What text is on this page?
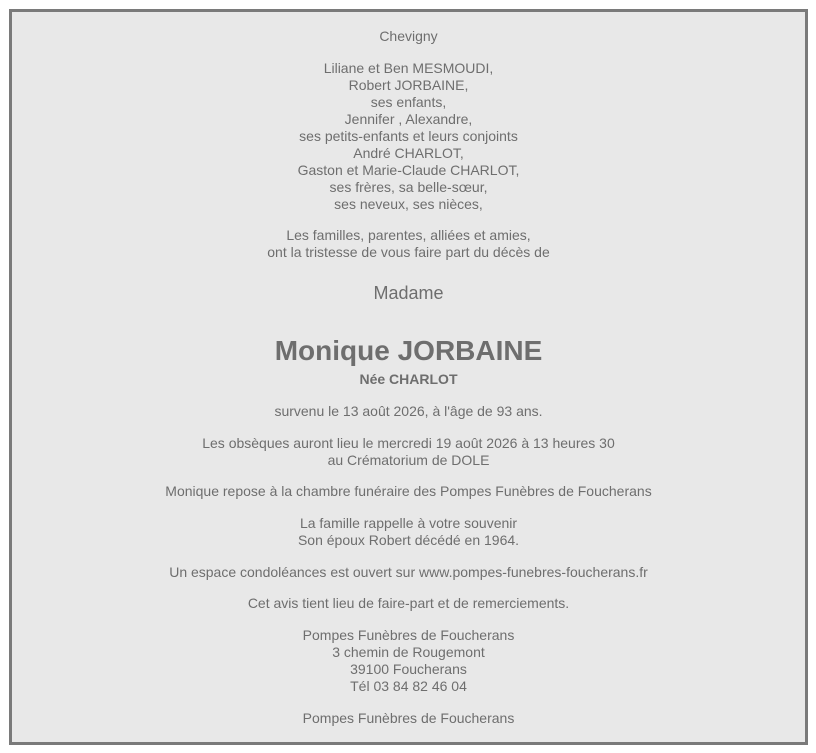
Chevigny
Liliane et Ben MESMOUDI,
Robert JORBAINE,
ses enfants,
Jennifer , Alexandre,
ses petits-enfants et leurs conjoints
André CHARLOT,
Gaston et Marie-Claude CHARLOT,
ses frères, sa belle-sœur,
ses neveux, ses nièces,
Les familles, parentes, alliées et amies,
ont la tristesse de vous faire part du décès de
Madame
Monique JORBAINE
Née CHARLOT
survenu le 13 août 2026, à l'âge de 93 ans.
Les obsèques auront lieu le mercredi 19 août 2026 à 13 heures 30
au Crématorium de DOLE
Monique repose à la chambre funéraire des Pompes Funèbres de Foucherans
La famille rappelle à votre souvenir
Son époux Robert décédé en 1964.
Un espace condoléances est ouvert sur www.pompes-funebres-foucherans.fr
Cet avis tient lieu de faire-part et de remerciements.
Pompes Funèbres de Foucherans
3 chemin de Rougemont
39100 Foucherans
Tél 03 84 82 46 04
Pompes Funèbres de Foucherans
